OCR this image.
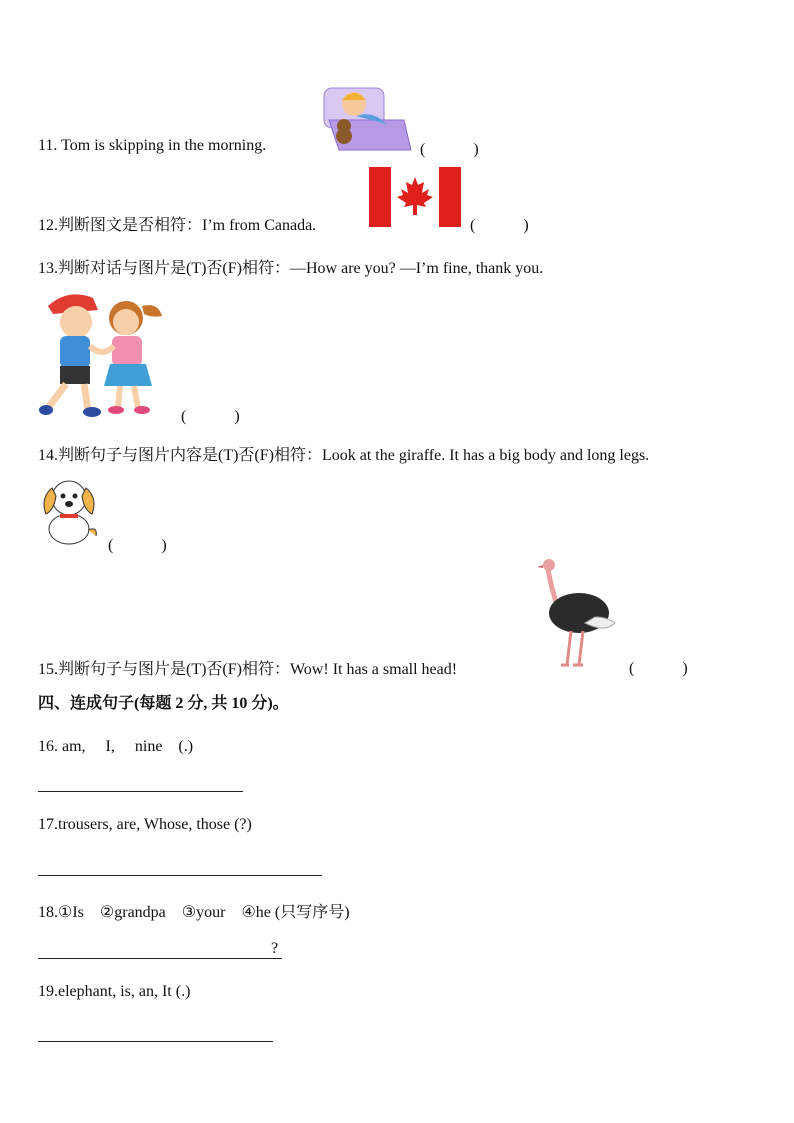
11. Tom is skipping in the morning.	(　　　)
12.判断图文是否相符：I’m from Canada.	(　　　)
13.判断对话与图片是(T)否(F)相符：—How are you? —I’m fine, thank you.
(　　　)
14.判断句子与图片内容是(T)否(F)相符：Look at the giraffe. It has a big body and long legs.
(　　　)
15.判断句子与图片是(T)否(F)相符：Wow! It has a small head!	(　　　)
四、连成句子(每题 2 分, 共 10 分)。
16. am,　 I,　 nine　(.)
17.trousers, are, Whose, those (?)
18.①Is　②grandpa　③your　④he (只写序号)
?
19.elephant, is, an, It (.)
